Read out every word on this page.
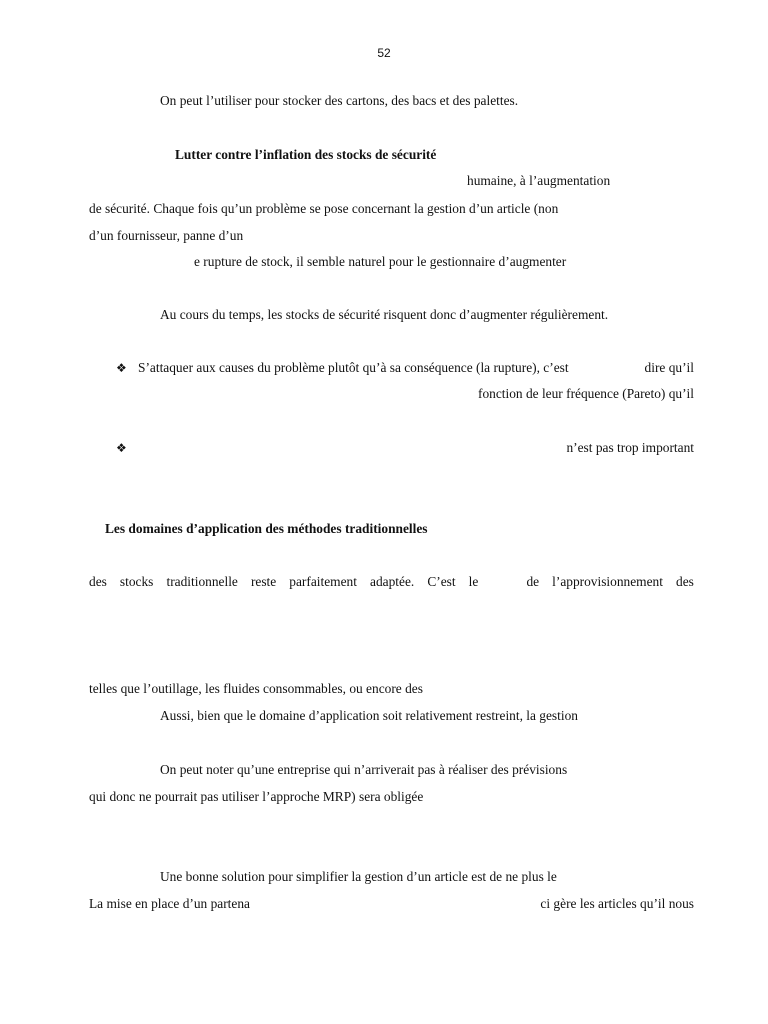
52
On peut l’utiliser pour stocker des cartons, des bacs et des palettes.
Lutter contre l’inflation des stocks de sécurité
humaine, à l’augmentation
de sécurité. Chaque fois qu’un problème se pose concernant la gestion d’un article (non
d’un fournisseur, panne d’un
e rupture de stock, il semble naturel pour le gestionnaire d’augmenter
Au cours du temps, les stocks de sécurité risquent donc d’augmenter régulièrement.
❖ S’attaquer aux causes du problème plutôt qu’à sa conséquence (la rupture), c’est	dire qu’il
fonction de leur fréquence (Pareto) qu’il
❖	n’est pas trop important
Les domaines d’application des méthodes traditionnelles
des stocks traditionnelle reste parfaitement adaptée. C’est le	de l’approvisionnement des
telles que l’outillage, les fluides consommables, ou encore des
Aussi, bien que le domaine d’application soit relativement restreint, la gestion
On peut noter qu’une entreprise qui n’arriverait pas à réaliser des prévisions
qui donc ne pourrait pas utiliser l’approche MRP) sera obligée
Une bonne solution pour simplifier la gestion d’un article est de ne plus le
La mise en place d’un partena	ci gère les articles qu’il nous
